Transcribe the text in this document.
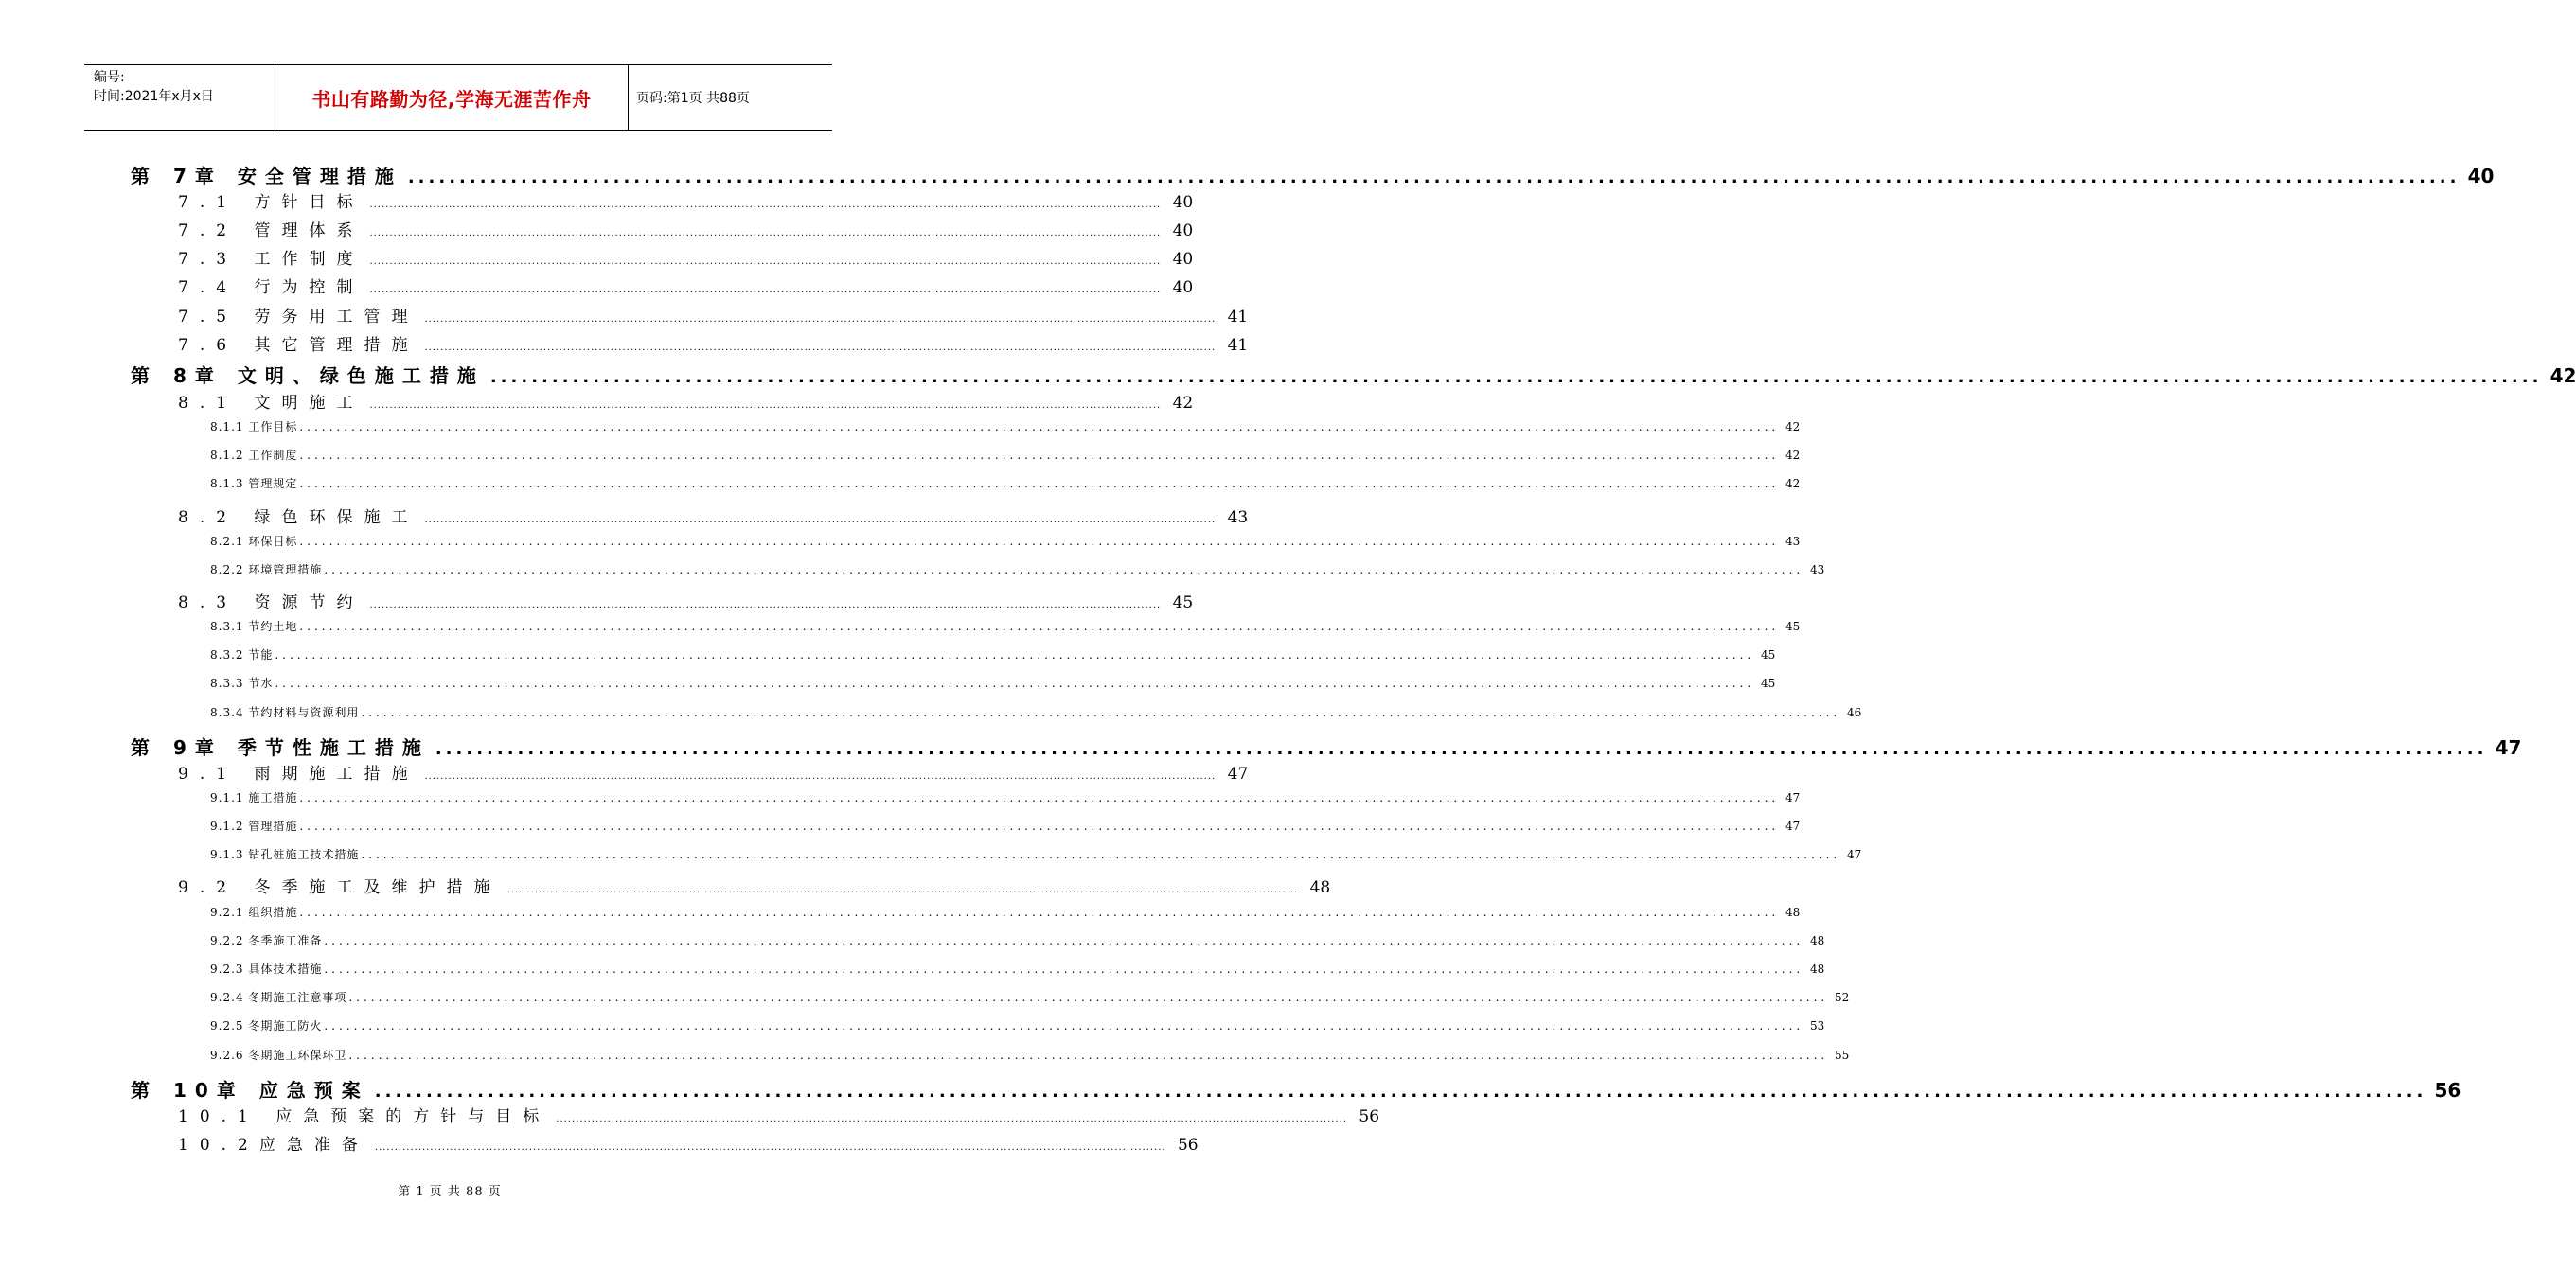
编号:
时间:2021年x月x日	书山有路勤为径,学海无涯苦作舟	页码:第1页 共88页
第 7章 安全管理措施 ........................................................................................................................................................................................................ 40
7.1 方针目标 ........................................................................................................................................................................................................ 40
7.2 管理体系 ........................................................................................................................................................................................................ 40
7.3 工作制度 ........................................................................................................................................................................................................ 40
7.4 行为控制 ........................................................................................................................................................................................................ 40
7.5 劳务用工管理 ........................................................................................................................................................................................................ 41
7.6 其它管理措施 ........................................................................................................................................................................................................ 41
第 8章 文明、绿色施工措施 ........................................................................................................................................................................................................ 42
8.1 文明施工 ........................................................................................................................................................................................................ 42
8.1.1 工作目标 ........................................................................................................................................................................................................ 42
8.1.2 工作制度 ........................................................................................................................................................................................................ 42
8.1.3 管理规定 ........................................................................................................................................................................................................ 42
8.2 绿色环保施工 ........................................................................................................................................................................................................ 43
8.2.1 环保目标 ........................................................................................................................................................................................................ 43
8.2.2 环境管理措施 ........................................................................................................................................................................................................ 43
8.3 资源节约 ........................................................................................................................................................................................................ 45
8.3.1 节约土地 ........................................................................................................................................................................................................ 45
8.3.2 节能 ........................................................................................................................................................................................................ 45
8.3.3 节水 ........................................................................................................................................................................................................ 45
8.3.4 节约材料与资源利用 ........................................................................................................................................................................................................ 46
第 9章 季节性施工措施 ........................................................................................................................................................................................................ 47
9.1 雨期施工措施 ........................................................................................................................................................................................................ 47
9.1.1 施工措施 ........................................................................................................................................................................................................ 47
9.1.2 管理措施 ........................................................................................................................................................................................................ 47
9.1.3 钻孔桩施工技术措施 ........................................................................................................................................................................................................ 47
9.2 冬季施工及维护措施 ........................................................................................................................................................................................................ 48
9.2.1 组织措施 ........................................................................................................................................................................................................ 48
9.2.2 冬季施工准备 ........................................................................................................................................................................................................ 48
9.2.3 具体技术措施 ........................................................................................................................................................................................................ 48
9.2.4 冬期施工注意事项 ........................................................................................................................................................................................................ 52
9.2.5 冬期施工防火 ........................................................................................................................................................................................................ 53
9.2.6 冬期施工环保环卫 ........................................................................................................................................................................................................ 55
第 10章 应急预案 ........................................................................................................................................................................................................ 56
10.1 应急预案的方针与目标 ........................................................................................................................................................................................................ 56
10.2应急准备 ........................................................................................................................................................................................................ 56
第 1 页 共 88 页
